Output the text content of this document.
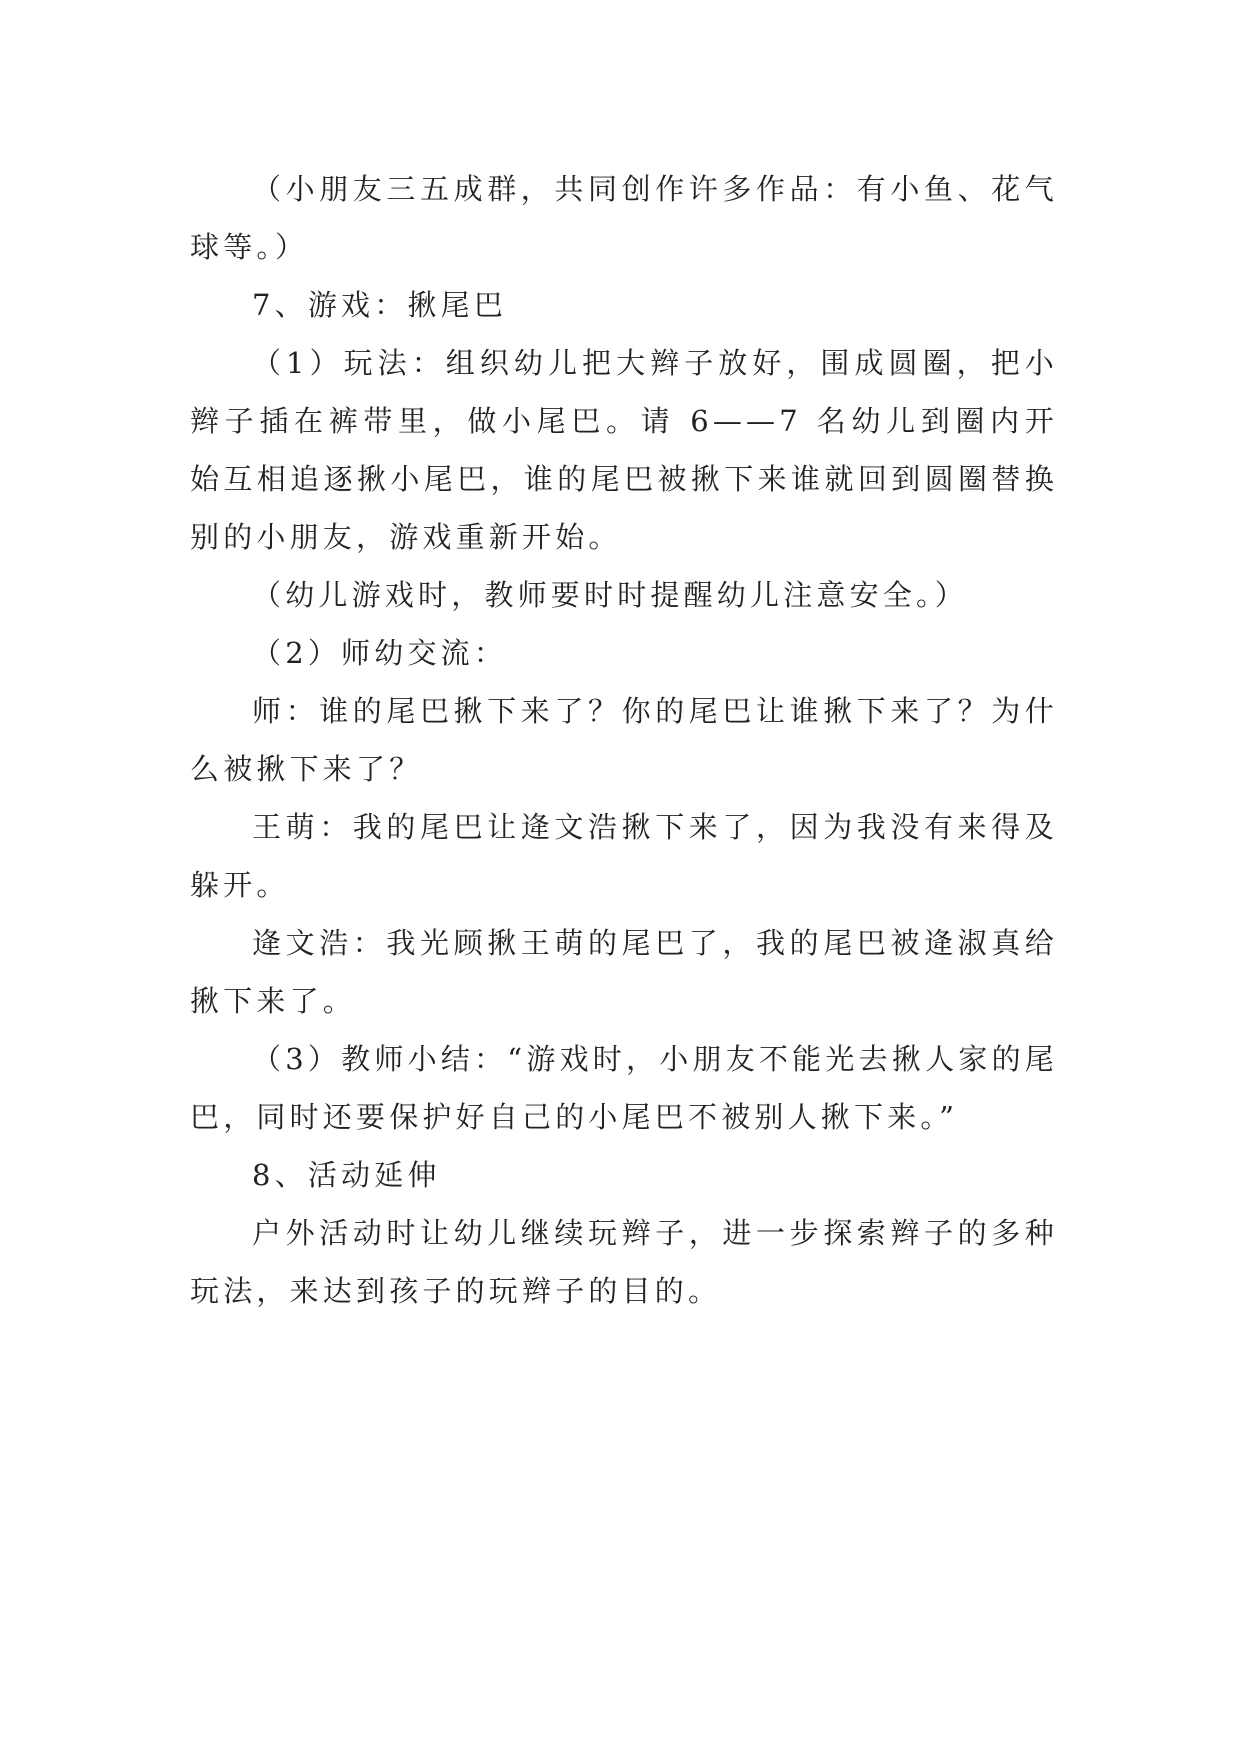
（小朋友三五成群，共同创作许多作品：有小鱼、花气球等。）

7、游戏：揪尾巴

（1）玩法：组织幼儿把大辫子放好，围成圆圈，把小辫子插在裤带里，做小尾巴。请 6——7 名幼儿到圈内开始互相追逐揪小尾巴，谁的尾巴被揪下来谁就回到圆圈替换别的小朋友，游戏重新开始。

（幼儿游戏时，教师要时时提醒幼儿注意安全。）

（2）师幼交流：

师：谁的尾巴揪下来了？你的尾巴让谁揪下来了？为什么被揪下来了？

王萌：我的尾巴让逄文浩揪下来了，因为我没有来得及躲开。

逄文浩：我光顾揪王萌的尾巴了，我的尾巴被逄淑真给揪下来了。

（3）教师小结：“游戏时，小朋友不能光去揪人家的尾巴，同时还要保护好自己的小尾巴不被别人揪下来。”

8、活动延伸

户外活动时让幼儿继续玩辫子，进一步探索辫子的多种玩法，来达到孩子的玩辫子的目的。
